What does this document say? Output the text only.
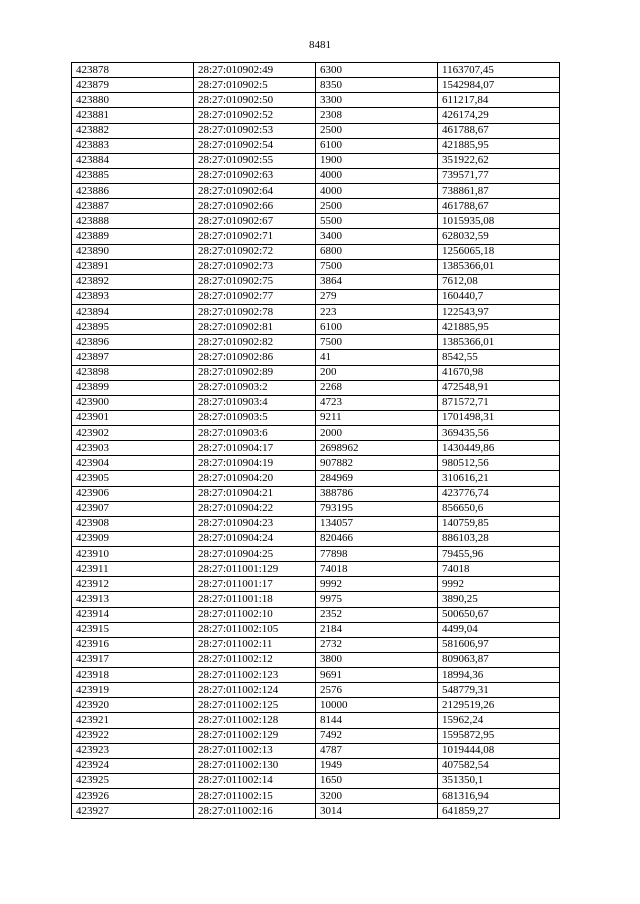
8481
423878	28:27:010902:49	6300	1163707,45
423879	28:27:010902:5	8350	1542984,07
423880	28:27:010902:50	3300	611217,84
423881	28:27:010902:52	2308	426174,29
423882	28:27:010902:53	2500	461788,67
423883	28:27:010902:54	6100	421885,95
423884	28:27:010902:55	1900	351922,62
423885	28:27:010902:63	4000	739571,77
423886	28:27:010902:64	4000	738861,87
423887	28:27:010902:66	2500	461788,67
423888	28:27:010902:67	5500	1015935,08
423889	28:27:010902:71	3400	628032,59
423890	28:27:010902:72	6800	1256065,18
423891	28:27:010902:73	7500	1385366,01
423892	28:27:010902:75	3864	7612,08
423893	28:27:010902:77	279	160440,7
423894	28:27:010902:78	223	122543,97
423895	28:27:010902:81	6100	421885,95
423896	28:27:010902:82	7500	1385366,01
423897	28:27:010902:86	41	8542,55
423898	28:27:010902:89	200	41670,98
423899	28:27:010903:2	2268	472548,91
423900	28:27:010903:4	4723	871572,71
423901	28:27:010903:5	9211	1701498,31
423902	28:27:010903:6	2000	369435,56
423903	28:27:010904:17	2698962	1430449,86
423904	28:27:010904:19	907882	980512,56
423905	28:27:010904:20	284969	310616,21
423906	28:27:010904:21	388786	423776,74
423907	28:27:010904:22	793195	856650,6
423908	28:27:010904:23	134057	140759,85
423909	28:27:010904:24	820466	886103,28
423910	28:27:010904:25	77898	79455,96
423911	28:27:011001:129	74018	74018
423912	28:27:011001:17	9992	9992
423913	28:27:011001:18	9975	3890,25
423914	28:27:011002:10	2352	500650,67
423915	28:27:011002:105	2184	4499,04
423916	28:27:011002:11	2732	581606,97
423917	28:27:011002:12	3800	809063,87
423918	28:27:011002:123	9691	18994,36
423919	28:27:011002:124	2576	548779,31
423920	28:27:011002:125	10000	2129519,26
423921	28:27:011002:128	8144	15962,24
423922	28:27:011002:129	7492	1595872,95
423923	28:27:011002:13	4787	1019444,08
423924	28:27:011002:130	1949	407582,54
423925	28:27:011002:14	1650	351350,1
423926	28:27:011002:15	3200	681316,94
423927	28:27:011002:16	3014	641859,27
